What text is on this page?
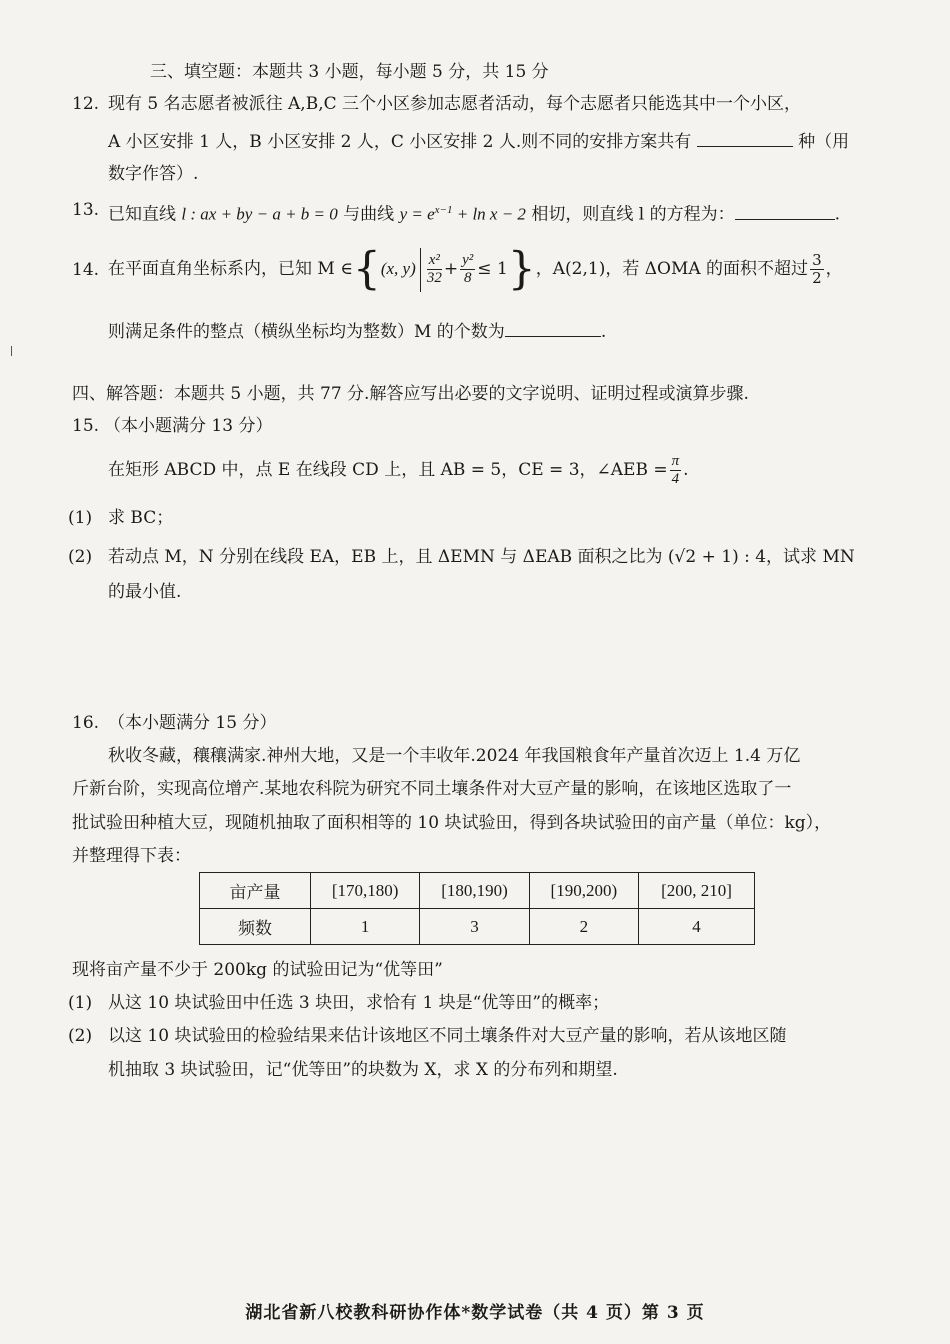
三、填空题：本题共 3 小题，每小题 5 分，共 15 分
12. 现有 5 名志愿者被派往 A,B,C 三个小区参加志愿者活动，每个志愿者只能选其中一个小区，
A 小区安排 1 人，B 小区安排 2 人，C 小区安排 2 人.则不同的安排方案共有	种（用
数字作答）.
13. 已知直线 l : ax + by − a + b = 0 与曲线 $y = e^{x-1} + \ln x - 2$ 相切，则直线 l 的方程为：	.
14. 在平面直角坐标系内，已知 M ∈{(x, $y) \frac{\text{x²}}{32} + \frac{\text{y²}}{8} \le 1$}，A(2,1)，若 ΔOMA 的面积不超过 $\frac{3}{2}$ ，
则满足条件的整点（横纵坐标均为整数）M 的个数为	.
四、解答题：本题共 5 小题，共 77 分.解答应写出必要的文字说明、证明过程或演算步骤.
15. （本小题满分 13 分）
在矩形 ABCD 中，点 E 在线段 CD 上，且 AB = 5，CE = 3，∠AEB = $\frac{\pi}{4}$ .
(1) 求 BC；
(2) 若动点 M，N 分别在线段 EA，EB 上，且 ΔEMN 与 ΔEAB 面积之比为 (√2 + 1) : 4，试求 MN
的最小值.
16. （本小题满分 15 分）
秋收冬藏，穰穰满家.神州大地，又是一个丰收年.2024 年我国粮食年产量首次迈上 1.4 万亿
斤新台阶，实现高位增产.某地农科院为研究不同土壤条件对大豆产量的影响，在该地区选取了一
批试验田种植大豆，现随机抽取了面积相等的 10 块试验田，得到各块试验田的亩产量（单位：kg），
并整理得下表：
亩产量	[170,180)	[180,190)	[190,200)	[200, 210]
频数	1	3	2	4
现将亩产量不少于 200kg 的试验田记为“优等田”
(1) 从这 10 块试验田中任选 3 块田，求恰有 1 块是“优等田”的概率；
(2) 以这 10 块试验田的检验结果来估计该地区不同土壤条件对大豆产量的影响，若从该地区随
机抽取 3 块试验田，记“优等田”的块数为 X，求 X 的分布列和期望.
湖北省新八校教科研协作体*数学试卷（共 4 页）第 3 页
